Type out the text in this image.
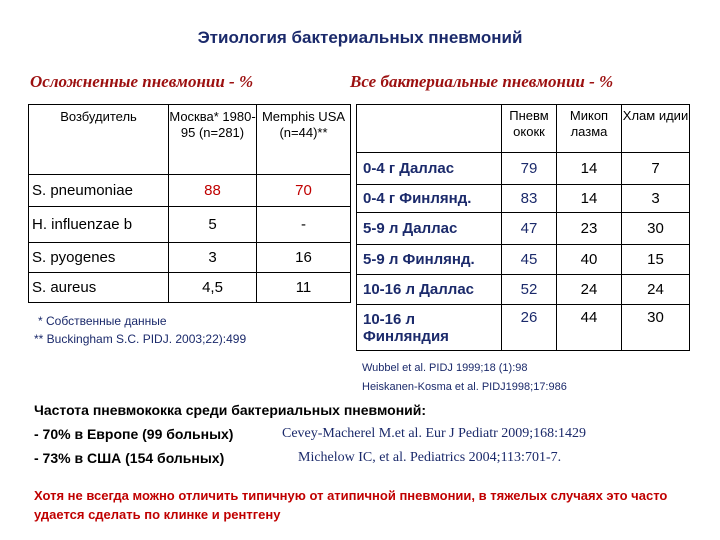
Этиология бактериальных пневмоний
Осложненные пневмонии - %	Все бактериальные пневмонии - %
Возбудитель	Москва* 1980-95 (n=281)	Memphis USA (n=44)**
S. pneumoniae	88	70
H. influenzae b	5	-
S. pyogenes	3	16
S. aureus	4,5	11
* Собственные данные
** Buckingham S.C. PIDJ. 2003;22):499
	Пневм ококк	Микоп лазма	Хлам идии
0-4 г Даллас	79	14	7
0-4 г Финлянд.	83	14	3
5-9 л Даллас	47	23	30
5-9 л Финлянд.	45	40	15
10-16 л Даллас	52	24	24
10-16 л Финляндия	26	44	30
Wubbel et al. PIDJ 1999;18 (1):98
Heiskanen-Kosma et al. PIDJ1998;17:986
Частота пневмококка среди бактериальных пневмоний:
- 70% в Европе (99 больных)	Cevey-Macherel M.et al. Eur J Pediatr 2009;168:1429
- 73% в США (154 больных)	Michelow IC, et al. Pediatrics 2004;113:701-7.
Хотя не всегда можно отличить типичную от атипичной пневмонии, в тяжелых случаях это часто удается сделать по клинке и рентгену
